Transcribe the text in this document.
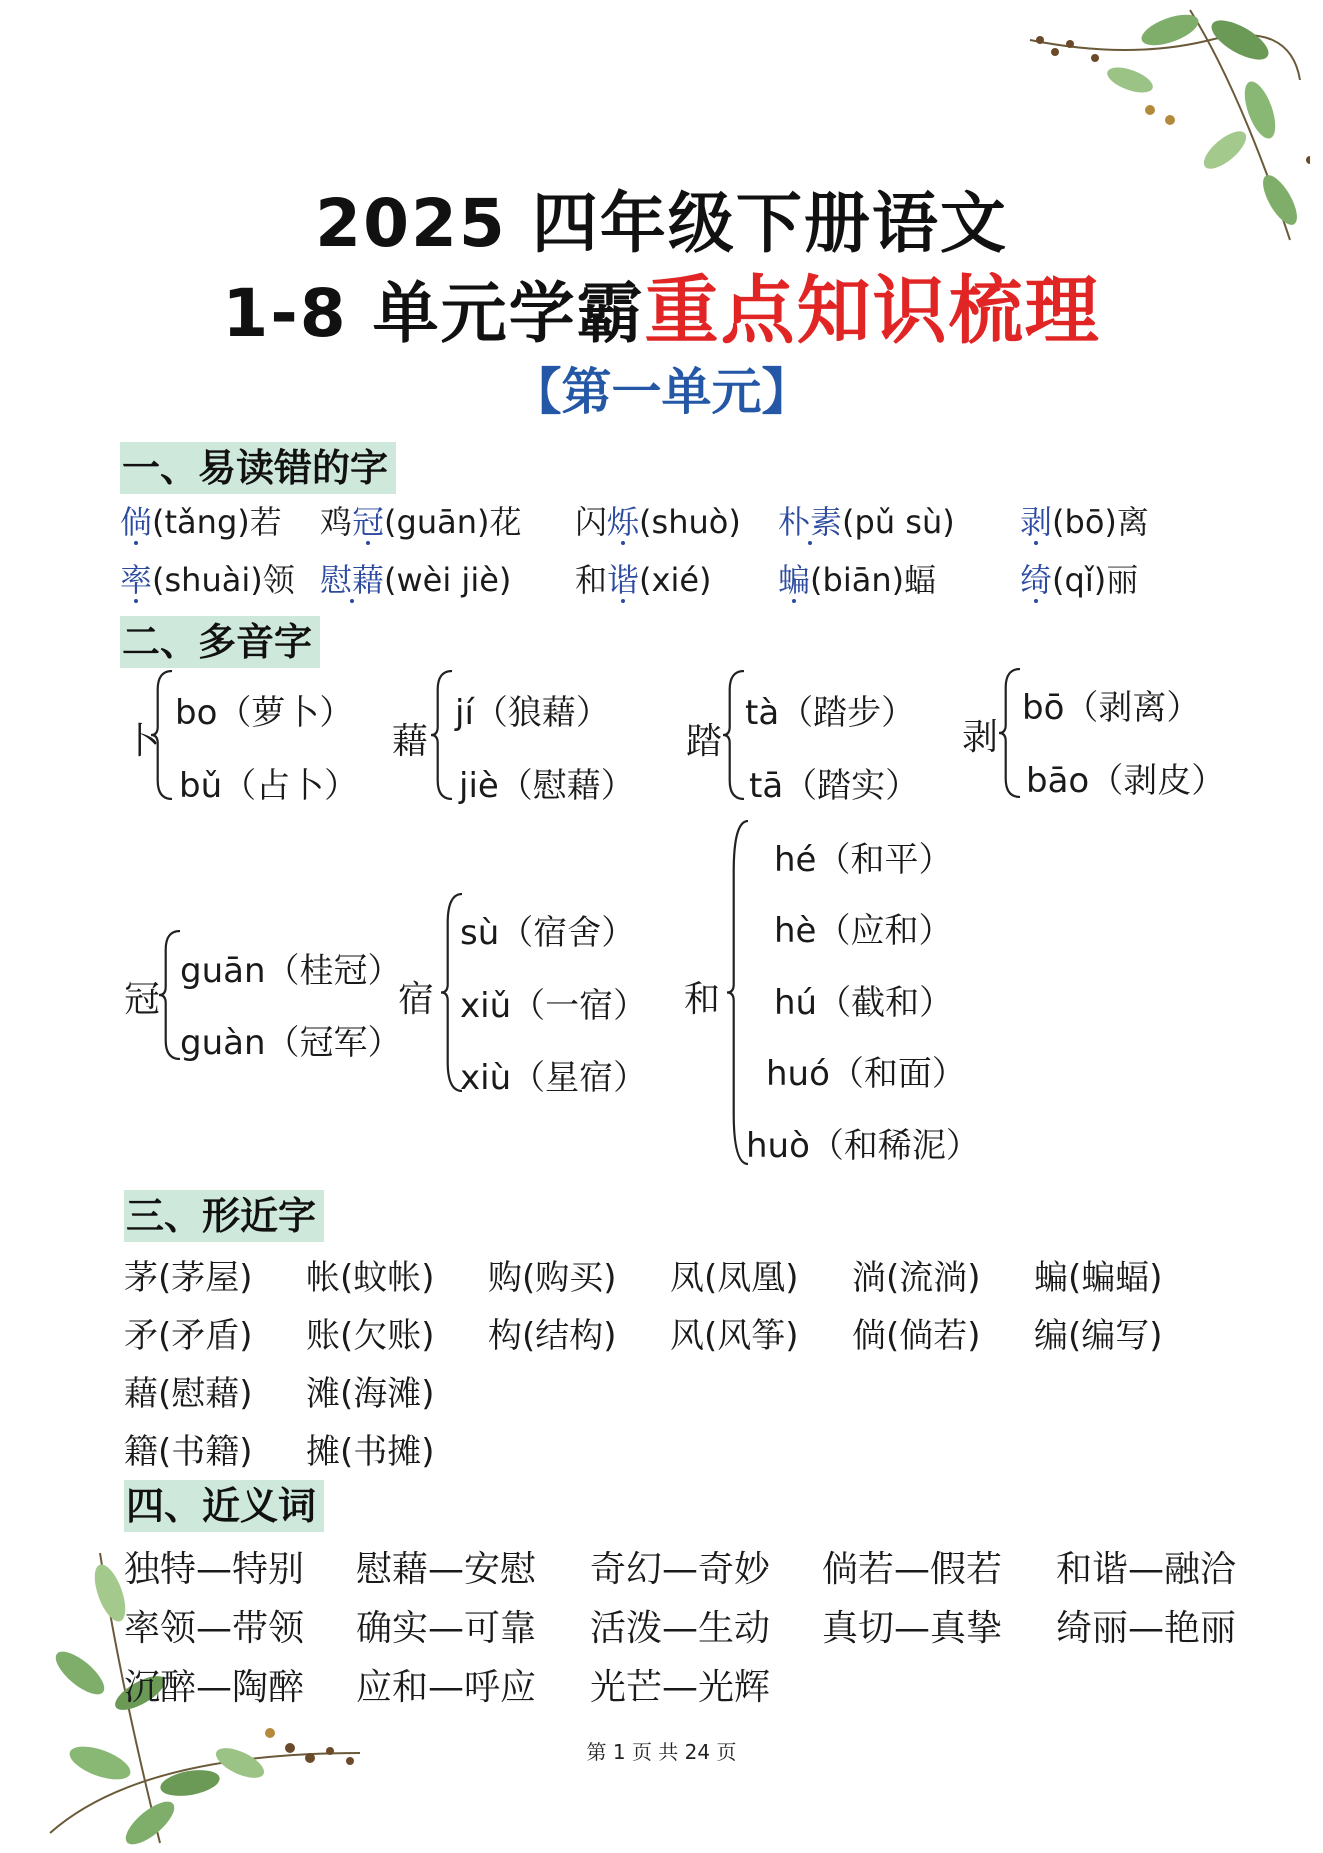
2025 四年级下册语文
1-8 单元学霸重点知识梳理
【第一单元】
一、易读错的字
倘(tǎng)若 鸡冠(guān)花 闪烁(shuò) 朴素(pǔ sù) 剥(bō)离
率(shuài)领 慰藉(wèi jiè) 和谐(xié) 蝙(biān)蝠	绮(qǐ)丽
二、多音字
卜
bo（萝卜）
bǔ（占卜）
藉
jí（狼藉）
jiè（慰藉）
踏
tà（踏步）
tā（踏实）
剥
bō（剥离）
bāo（剥皮）
冠
guān（桂冠）
guàn（冠军）
宿
sù（宿舍）
xiǔ（一宿）
xiù（星宿）
和
hé（和平）
hè（应和）
hú（截和）
huó（和面）
huò（和稀泥）
三、形近字
茅(茅屋) 帐(蚊帐) 购(购买) 凤(凤凰) 淌(流淌) 蝙(蝙蝠)
矛(矛盾) 账(欠账) 构(结构) 风(风筝) 倘(倘若) 编(编写)
藉(慰藉) 滩(海滩)
籍(书籍) 摊(书摊)
四、近义词
独特—特别 慰藉—安慰 奇幻—奇妙 倘若—假若 和谐—融洽
率领—带领 确实—可靠 活泼—生动 真切—真挚 绮丽—艳丽
沉醉—陶醉 应和—呼应 光芒—光辉
第 1 页 共 24 页
